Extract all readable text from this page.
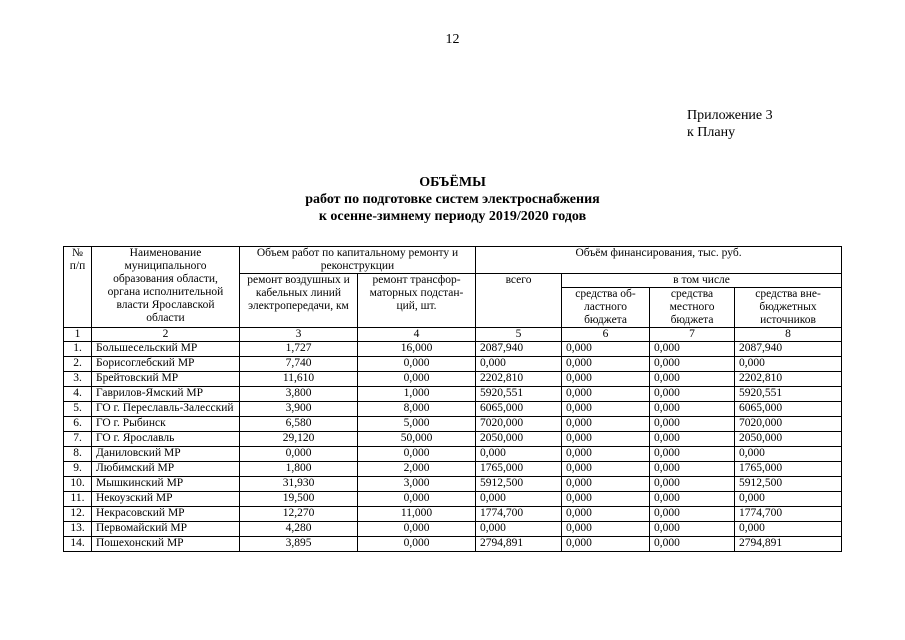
12
Приложение 3
к Плану
ОБЪЁМЫ
работ по подготовке систем электроснабжения
к осенне-зимнему периоду 2019/2020 годов
№ п/п	Наименование муниципального образования области, органа исполнительной власти Ярославской области	Объем работ по капитальному ремонту и реконструкции		Объём финансирования, тыс. руб.			
		ремонт воздушных и кабельных линий электропередачи, км	ремонт трансфор-маторных подстан-ций, шт.	всего	в том числе		
					средства об-ластного бюджета	средства местного бюджета	средства вне-бюджетных источников
1	2	3	4	5	6	7	8
1.	Большесельский МР	1,727	16,000	2087,940	0,000	0,000	2087,940
2.	Борисоглебский МР	7,740	0,000	0,000	0,000	0,000	0,000
3.	Брейтовский МР	11,610	0,000	2202,810	0,000	0,000	2202,810
4.	Гаврилов-Ямский МР	3,800	1,000	5920,551	0,000	0,000	5920,551
5.	ГО г. Переславль-Залесский	3,900	8,000	6065,000	0,000	0,000	6065,000
6.	ГО г. Рыбинск	6,580	5,000	7020,000	0,000	0,000	7020,000
7.	ГО г. Ярославль	29,120	50,000	2050,000	0,000	0,000	2050,000
8.	Даниловский МР	0,000	0,000	0,000	0,000	0,000	0,000
9.	Любимский МР	1,800	2,000	1765,000	0,000	0,000	1765,000
10.	Мышкинский МР	31,930	3,000	5912,500	0,000	0,000	5912,500
11.	Некоузский МР	19,500	0,000	0,000	0,000	0,000	0,000
12.	Некрасовский МР	12,270	11,000	1774,700	0,000	0,000	1774,700
13.	Первомайский МР	4,280	0,000	0,000	0,000	0,000	0,000
14.	Пошехонский МР	3,895	0,000	2794,891	0,000	0,000	2794,891
